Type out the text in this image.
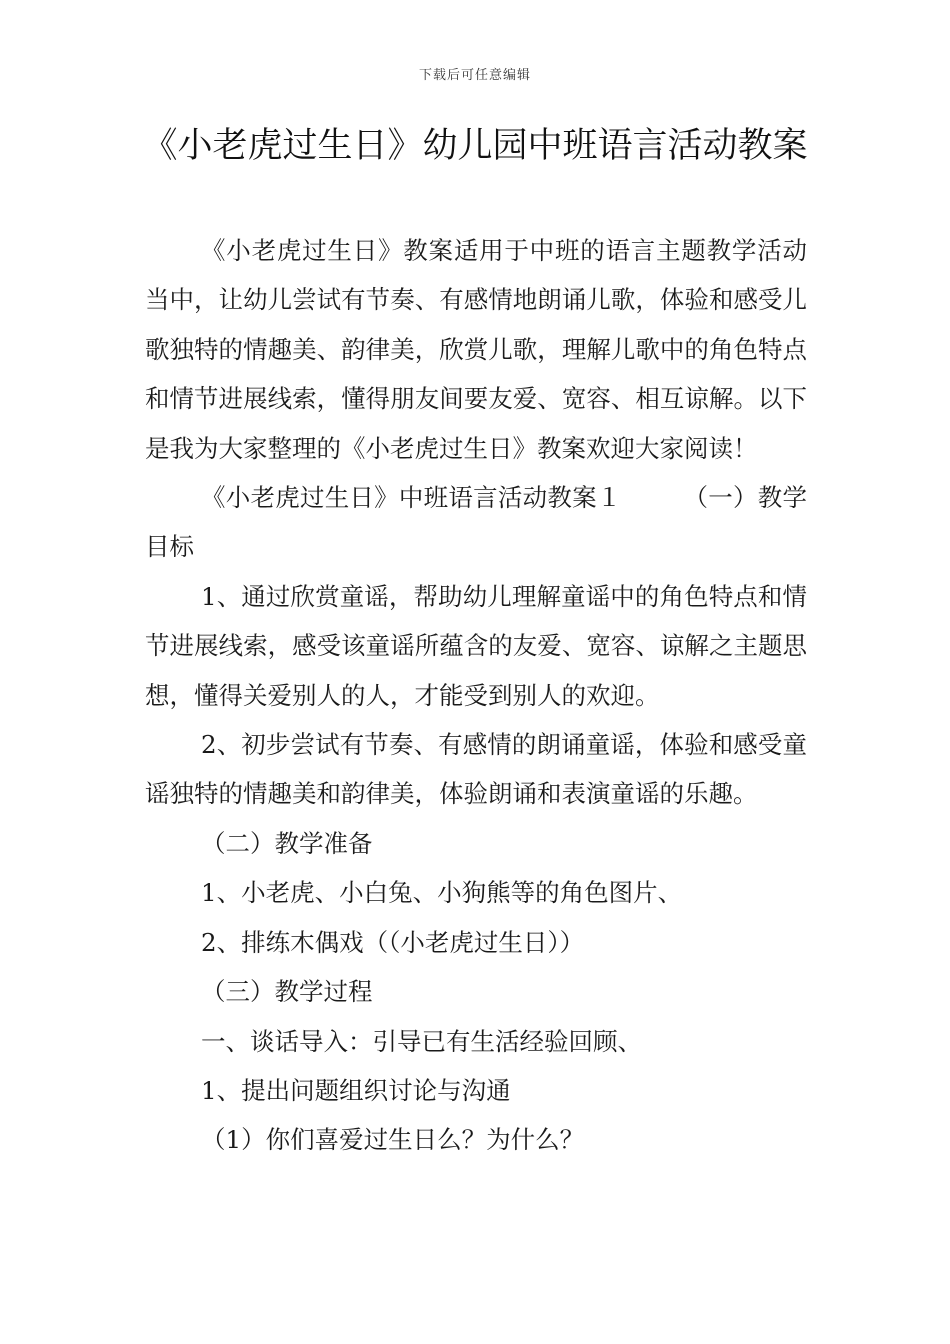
下载后可任意编辑
《小老虎过生日》幼儿园中班语言活动教案

《小老虎过生日》教案适用于中班的语言主题教学活动当中，让幼儿尝试有节奏、有感情地朗诵儿歌，体验和感受儿歌独特的情趣美、韵律美，欣赏儿歌，理解儿歌中的角色特点和情节进展线索，懂得朋友间要友爱、宽容、相互谅解。以下是我为大家整理的《小老虎过生日》教案欢迎大家阅读！

《小老虎过生日》中班语言活动教案１　　　（一）教学目标

1、通过欣赏童谣，帮助幼儿理解童谣中的角色特点和情节进展线索，感受该童谣所蕴含的友爱、宽容、谅解之主题思想，懂得关爱别人的人，才能受到别人的欢迎。

2、初步尝试有节奏、有感情的朗诵童谣，体验和感受童谣独特的情趣美和韵律美，体验朗诵和表演童谣的乐趣。

（二）教学准备

1、小老虎、小白兔、小狗熊等的角色图片、

2、排练木偶戏（（小老虎过生日））

（三）教学过程

一、谈话导入：引导已有生活经验回顾、

1、提出问题组织讨论与沟通

（1）你们喜爱过生日么？为什么？
